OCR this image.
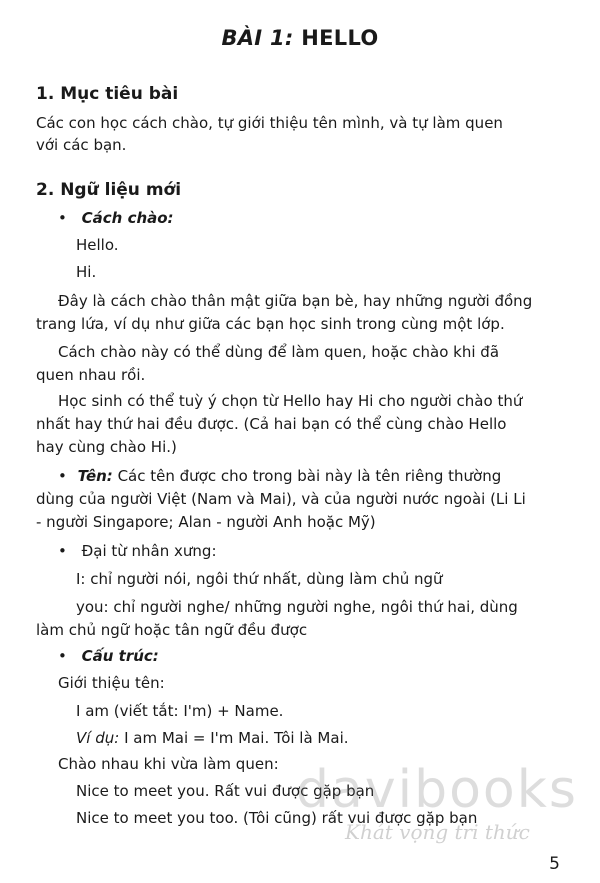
BÀI 1: HELLO
1. Mục tiêu bài
Các con học cách chào, tự giới thiệu tên mình, và tự làm quen
với các bạn.
2. Ngữ liệu mới
• Cách chào:
Hello.
Hi.
Đây là cách chào thân mật giữa bạn bè, hay những người đồng
trang lứa, ví dụ như giữa các bạn học sinh trong cùng một lớp.
Cách chào này có thể dùng để làm quen, hoặc chào khi đã
quen nhau rồi.
Học sinh có thể tuỳ ý chọn từ Hello hay Hi cho người chào thứ
nhất hay thứ hai đều được. (Cả hai bạn có thể cùng chào Hello
hay cùng chào Hi.)
• Tên: Các tên được cho trong bài này là tên riêng thường
dùng của người Việt (Nam và Mai), và của người nước ngoài (Li Li
- người Singapore; Alan - người Anh hoặc Mỹ)
• Đại từ nhân xưng:
I: chỉ người nói, ngôi thứ nhất, dùng làm chủ ngữ
you: chỉ người nghe/ những người nghe, ngôi thứ hai, dùng
làm chủ ngữ hoặc tân ngữ đều được
• Cấu trúc:
Giới thiệu tên:
I am (viết tắt: I'm) + Name.
Ví dụ: I am Mai = I'm Mai. Tôi là Mai.
Chào nhau khi vừa làm quen:
Nice to meet you. Rất vui được gặp bạn
Nice to meet you too. (Tôi cũng) rất vui được gặp bạn
davibooks
Khát vọng tri thức
5
